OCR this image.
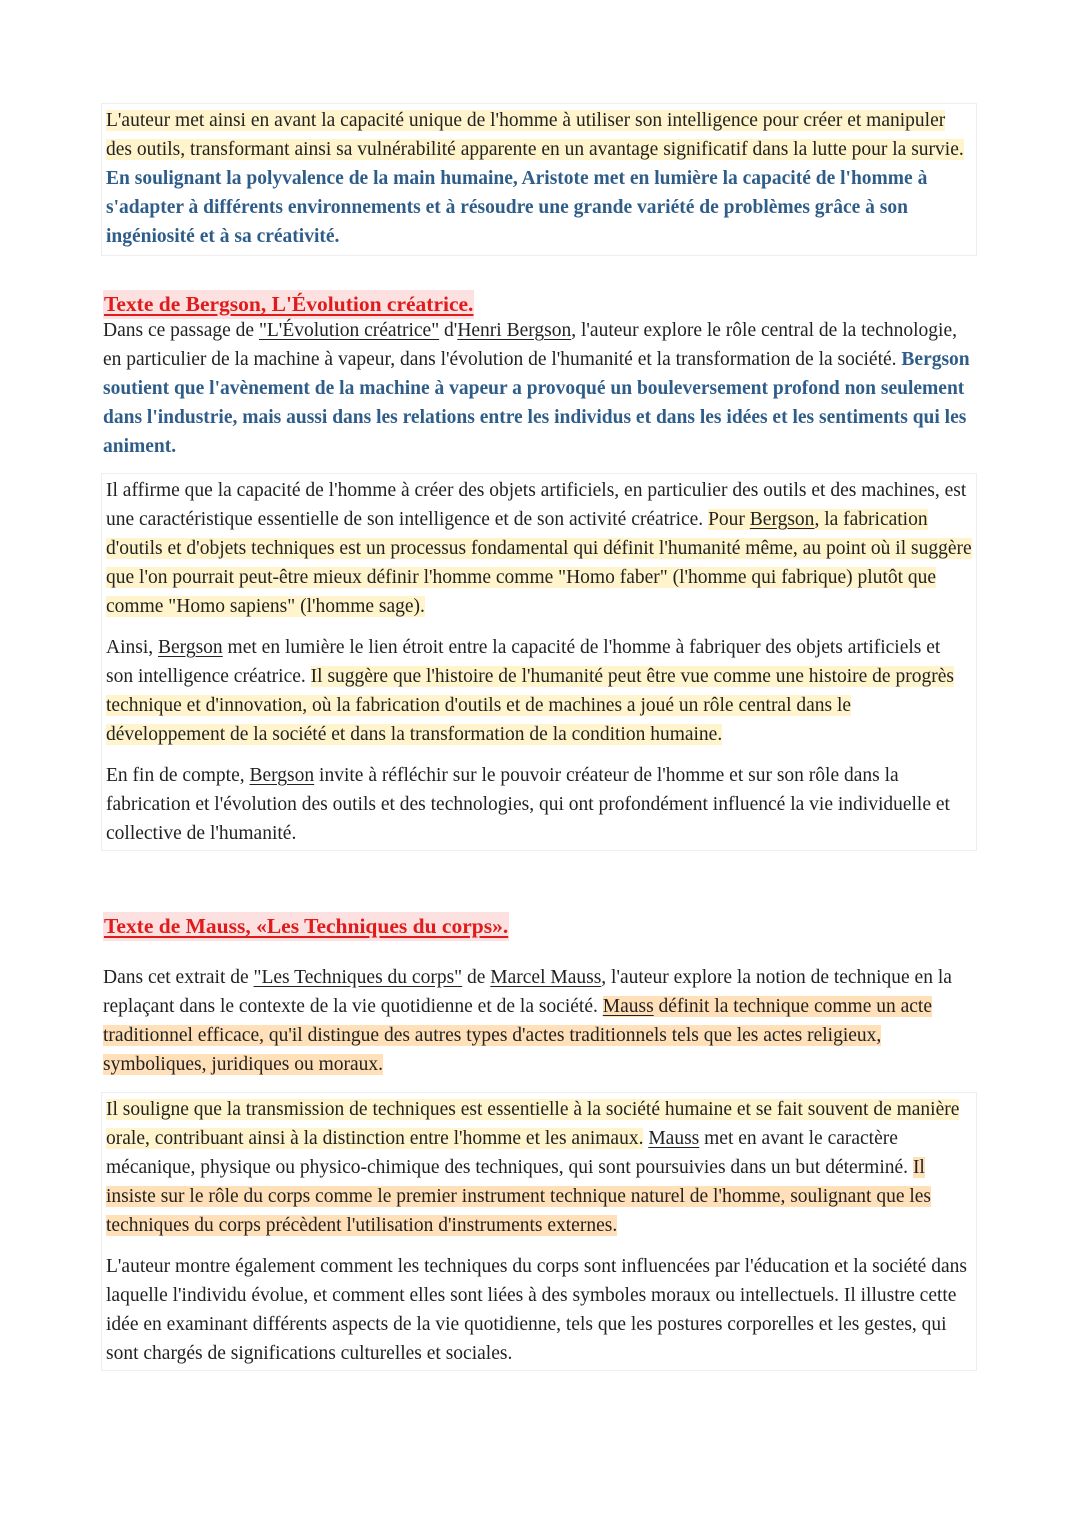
L'auteur met ainsi en avant la capacité unique de l'homme à utiliser son intelligence pour créer et manipuler des outils, transformant ainsi sa vulnérabilité apparente en un avantage significatif dans la lutte pour la survie. En soulignant la polyvalence de la main humaine, Aristote met en lumière la capacité de l'homme à s'adapter à différents environnements et à résoudre une grande variété de problèmes grâce à son ingéniosité et à sa créativité.

Texte de Bergson, L'Évolution créatrice.

Dans ce passage de "L'Évolution créatrice" d'Henri Bergson, l'auteur explore le rôle central de la technologie, en particulier de la machine à vapeur, dans l'évolution de l'humanité et la transformation de la société. Bergson soutient que l'avènement de la machine à vapeur a provoqué un bouleversement profond non seulement dans l'industrie, mais aussi dans les relations entre les individus et dans les idées et les sentiments qui les animent.

Il affirme que la capacité de l'homme à créer des objets artificiels, en particulier des outils et des machines, est une caractéristique essentielle de son intelligence et de son activité créatrice. Pour Bergson, la fabrication d'outils et d'objets techniques est un processus fondamental qui définit l'humanité même, au point où il suggère que l'on pourrait peut-être mieux définir l'homme comme "Homo faber" (l'homme qui fabrique) plutôt que comme "Homo sapiens" (l'homme sage).

Ainsi, Bergson met en lumière le lien étroit entre la capacité de l'homme à fabriquer des objets artificiels et son intelligence créatrice. Il suggère que l'histoire de l'humanité peut être vue comme une histoire de progrès technique et d'innovation, où la fabrication d'outils et de machines a joué un rôle central dans le développement de la société et dans la transformation de la condition humaine.

En fin de compte, Bergson invite à réfléchir sur le pouvoir créateur de l'homme et sur son rôle dans la fabrication et l'évolution des outils et des technologies, qui ont profondément influencé la vie individuelle et collective de l'humanité.

Texte de Mauss, «Les Techniques du corps».

Dans cet extrait de "Les Techniques du corps" de Marcel Mauss, l'auteur explore la notion de technique en la replaçant dans le contexte de la vie quotidienne et de la société. Mauss définit la technique comme un acte traditionnel efficace, qu'il distingue des autres types d'actes traditionnels tels que les actes religieux, symboliques, juridiques ou moraux.

Il souligne que la transmission de techniques est essentielle à la société humaine et se fait souvent de manière orale, contribuant ainsi à la distinction entre l'homme et les animaux. Mauss met en avant le caractère mécanique, physique ou physico-chimique des techniques, qui sont poursuivies dans un but déterminé. Il insiste sur le rôle du corps comme le premier instrument technique naturel de l'homme, soulignant que les techniques du corps précèdent l'utilisation d'instruments externes.

L'auteur montre également comment les techniques du corps sont influencées par l'éducation et la société dans laquelle l'individu évolue, et comment elles sont liées à des symboles moraux ou intellectuels. Il illustre cette idée en examinant différents aspects de la vie quotidienne, tels que les postures corporelles et les gestes, qui sont chargés de significations culturelles et sociales.
